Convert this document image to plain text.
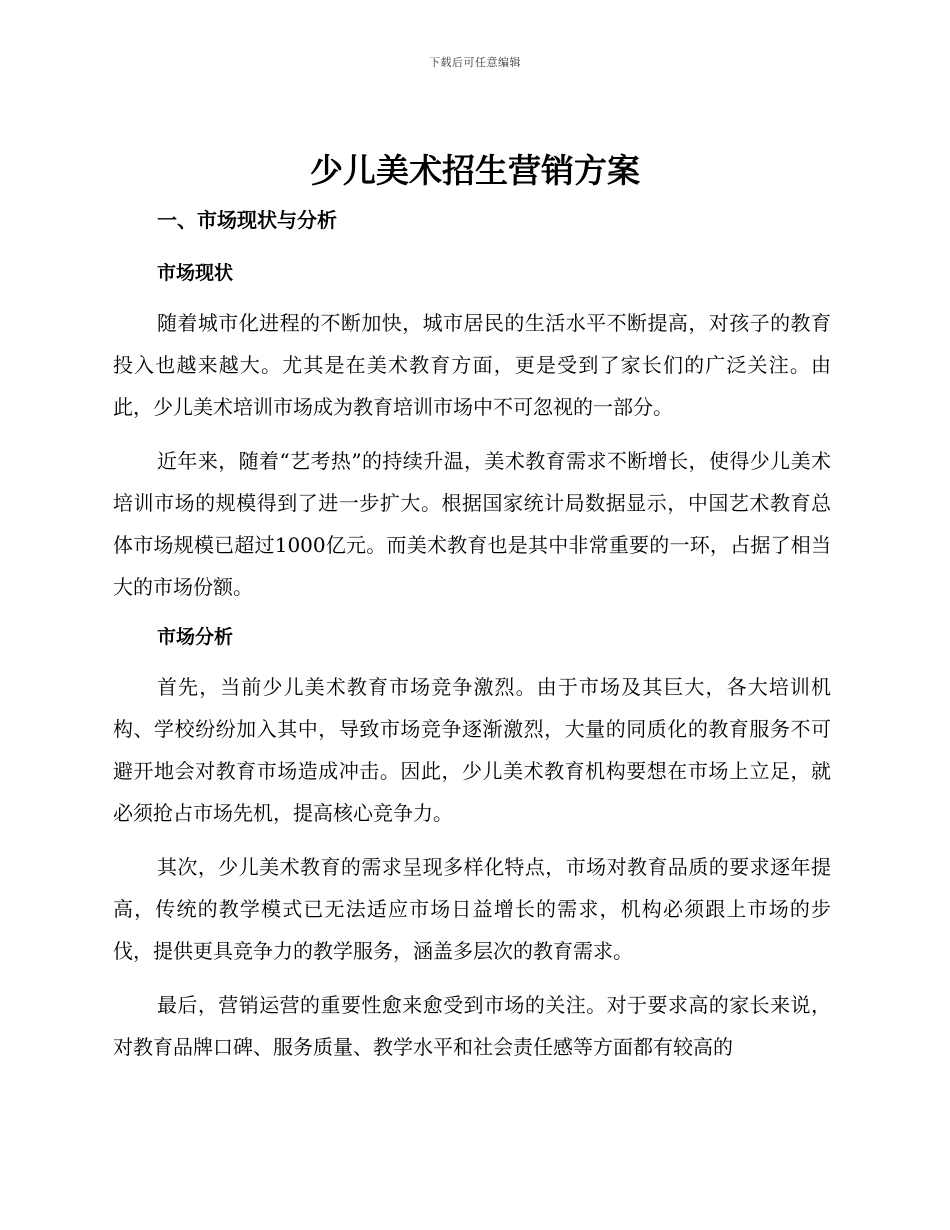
下载后可任意编辑
少儿美术招生营销方案
一、市场现状与分析
市场现状

随着城市化进程的不断加快，城市居民的生活水平不断提高，对孩子的教育投入也越来越大。尤其是在美术教育方面，更是受到了家长们的广泛关注。由此，少儿美术培训市场成为教育培训市场中不可忽视的一部分。

近年来，随着“艺考热”的持续升温，美术教育需求不断增长，使得少儿美术培训市场的规模得到了进一步扩大。根据国家统计局数据显示，中国艺术教育总体市场规模已超过1000亿元。而美术教育也是其中非常重要的一环，占据了相当大的市场份额。

市场分析

首先，当前少儿美术教育市场竞争激烈。由于市场及其巨大，各大培训机构、学校纷纷加入其中，导致市场竞争逐渐激烈，大量的同质化的教育服务不可避开地会对教育市场造成冲击。因此，少儿美术教育机构要想在市场上立足，就必须抢占市场先机，提高核心竞争力。

其次，少儿美术教育的需求呈现多样化特点，市场对教育品质的要求逐年提高，传统的教学模式已无法适应市场日益增长的需求，机构必须跟上市场的步伐，提供更具竞争力的教学服务，涵盖多层次的教育需求。

最后，营销运营的重要性愈来愈受到市场的关注。对于要求高的家长来说，对教育品牌口碑、服务质量、教学水平和社会责任感等方面都有较高的
